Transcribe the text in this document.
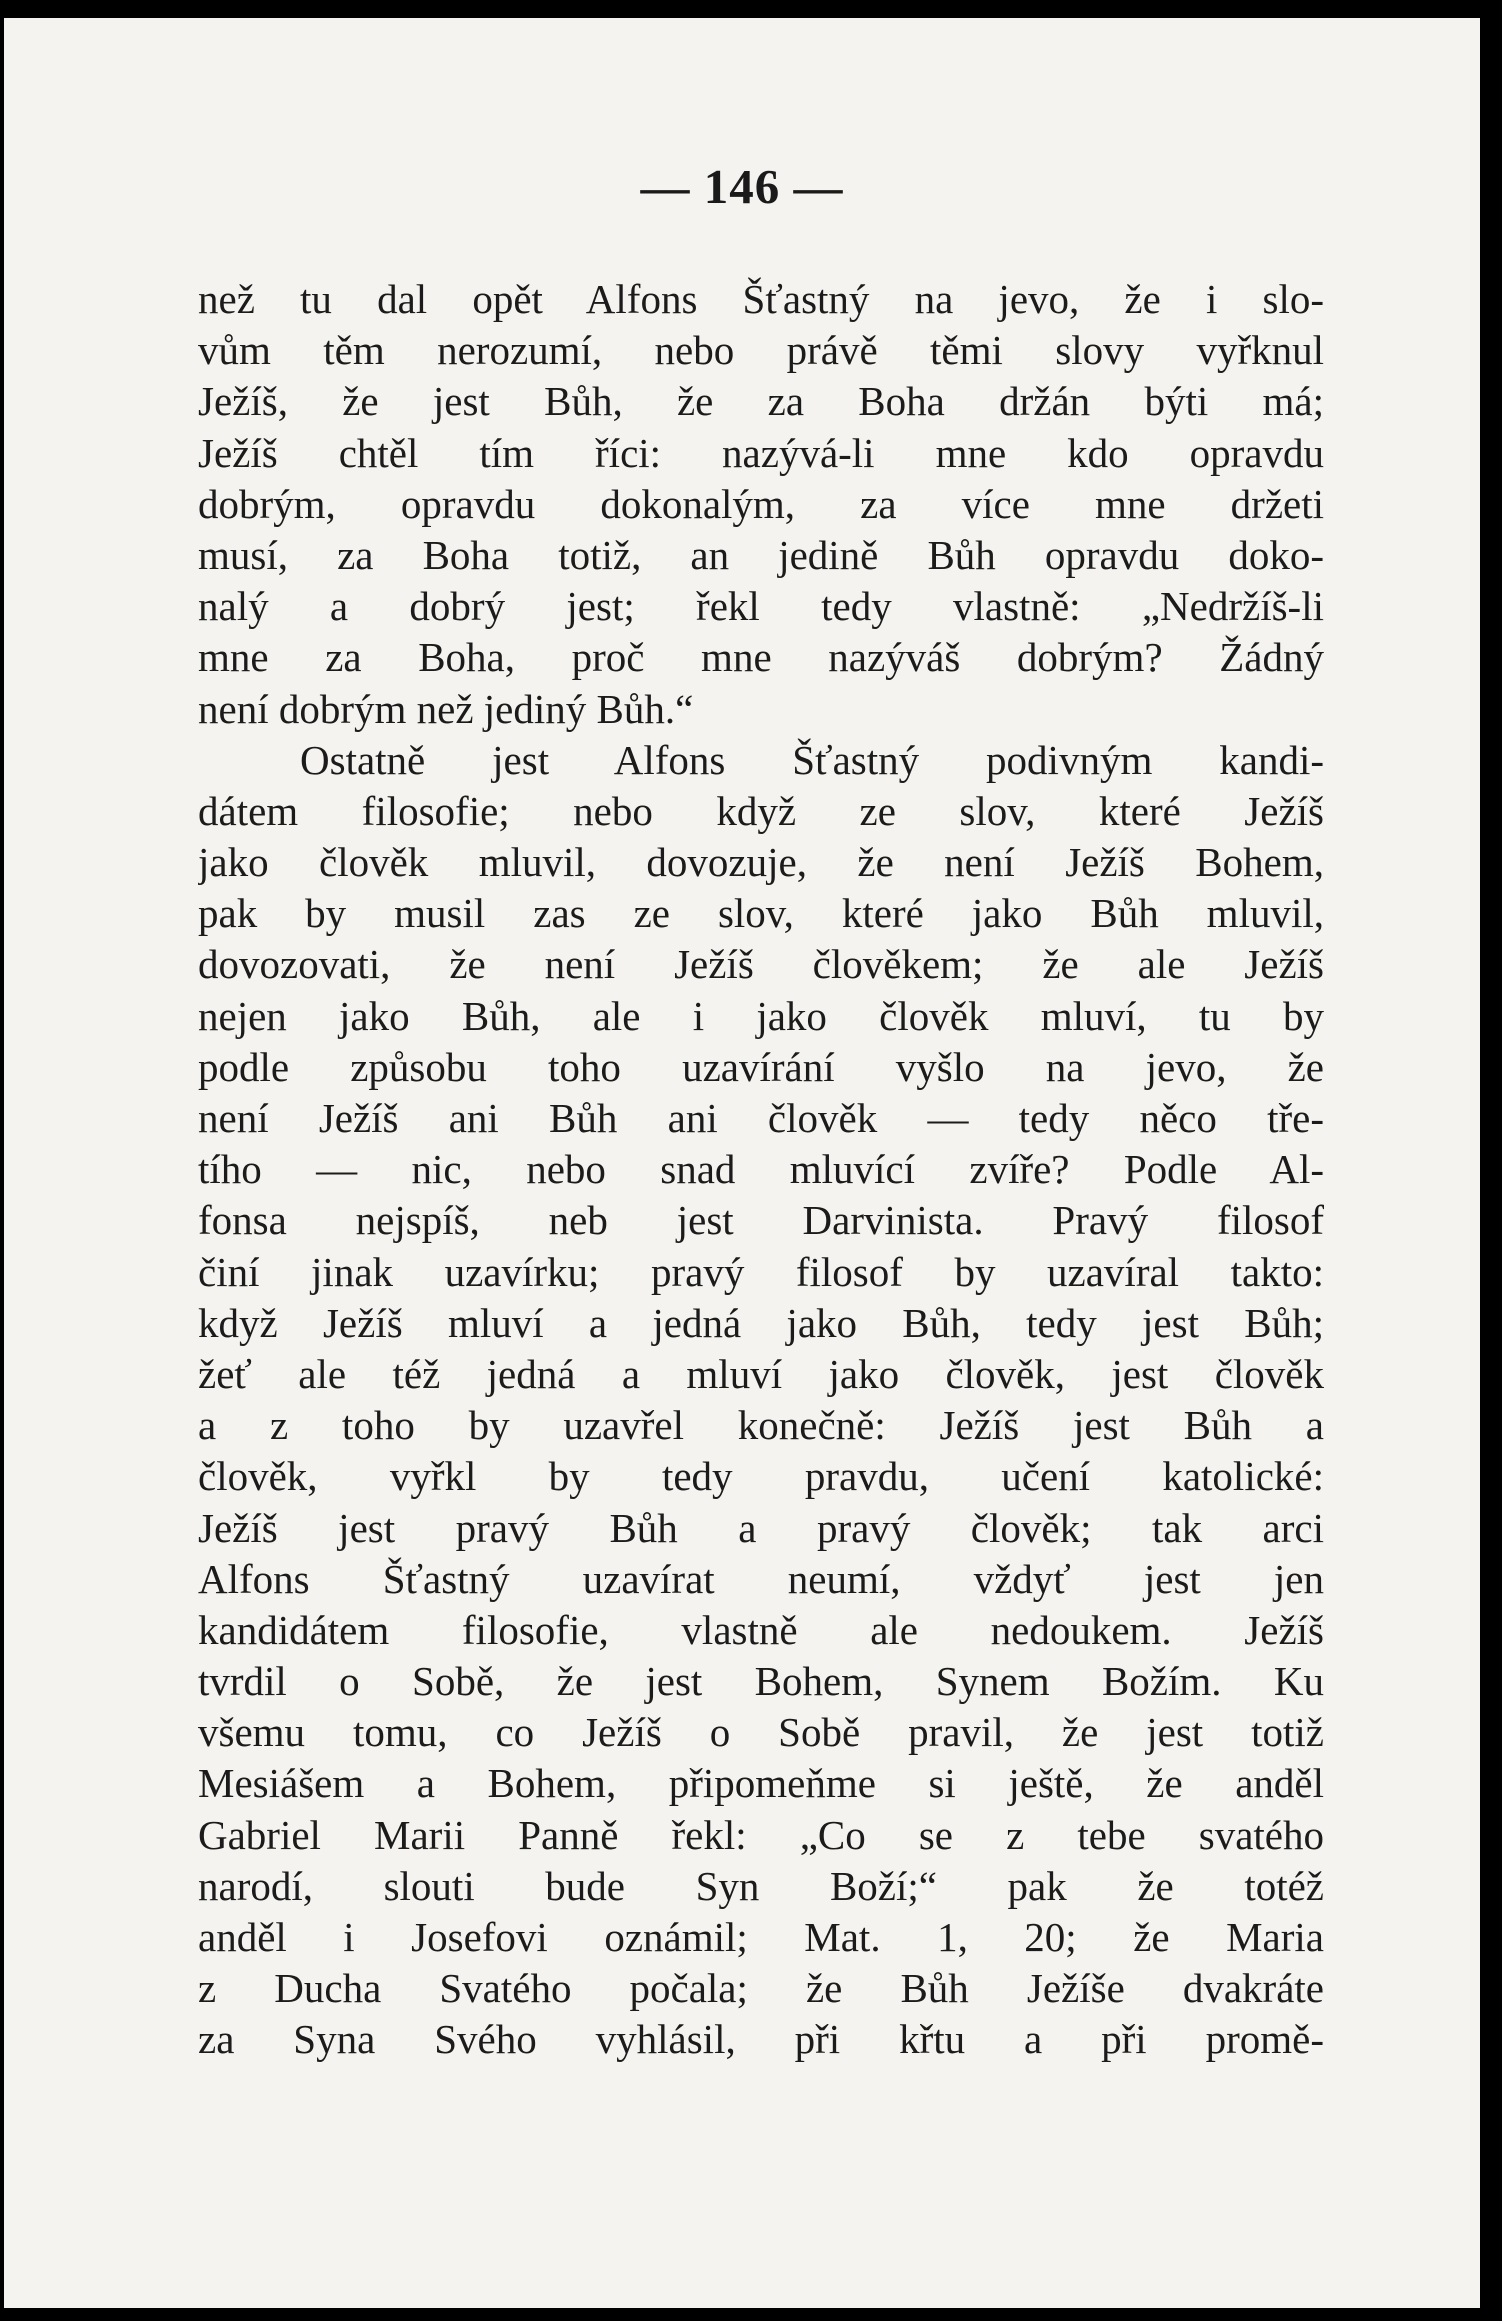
— 146 —
než tu dal opět Alfons Šťastný na jevo, že i slo-
vům těm nerozumí, nebo právě těmi slovy vyřknul
Ježíš, že jest Bůh, že za Boha držán býti má;
Ježíš chtěl tím říci: nazývá-li mne kdo opravdu
dobrým, opravdu dokonalým, za více mne držeti
musí, za Boha totiž, an jedině Bůh opravdu doko-
nalý a dobrý jest; řekl tedy vlastně: „Nedržíš-li
mne za Boha, proč mne nazýváš dobrým? Žádný
není dobrým než jediný Bůh.“
Ostatně jest Alfons Šťastný podivným kandi-
dátem filosofie; nebo když ze slov, které Ježíš
jako člověk mluvil, dovozuje, že není Ježíš Bohem,
pak by musil zas ze slov, které jako Bůh mluvil,
dovozovati, že není Ježíš člověkem; že ale Ježíš
nejen jako Bůh, ale i jako člověk mluví, tu by
podle způsobu toho uzavírání vyšlo na jevo, že
není Ježíš ani Bůh ani člověk — tedy něco tře-
tího — nic, nebo snad mluvící zvíře? Podle Al-
fonsa nejspíš, neb jest Darvinista. Pravý filosof
činí jinak uzavírku; pravý filosof by uzavíral takto:
když Ježíš mluví a jedná jako Bůh, tedy jest Bůh;
žeť ale též jedná a mluví jako člověk, jest člověk
a z toho by uzavřel konečně: Ježíš jest Bůh a
člověk, vyřkl by tedy pravdu, učení katolické:
Ježíš jest pravý Bůh a pravý člověk; tak arci
Alfons Šťastný uzavírat neumí, vždyť jest jen
kandidátem filosofie, vlastně ale nedoukem. Ježíš
tvrdil o Sobě, že jest Bohem, Synem Božím. Ku
všemu tomu, co Ježíš o Sobě pravil, že jest totiž
Mesiášem a Bohem, připomeňme si ještě, že anděl
Gabriel Marii Panně řekl: „Co se z tebe svatého
narodí, slouti bude Syn Boží;“ pak že totéž
anděl i Josefovi oznámil; Mat. 1, 20; že Maria
z Ducha Svatého počala; že Bůh Ježíše dvakráte
za Syna Svého vyhlásil, při křtu a při promě-
